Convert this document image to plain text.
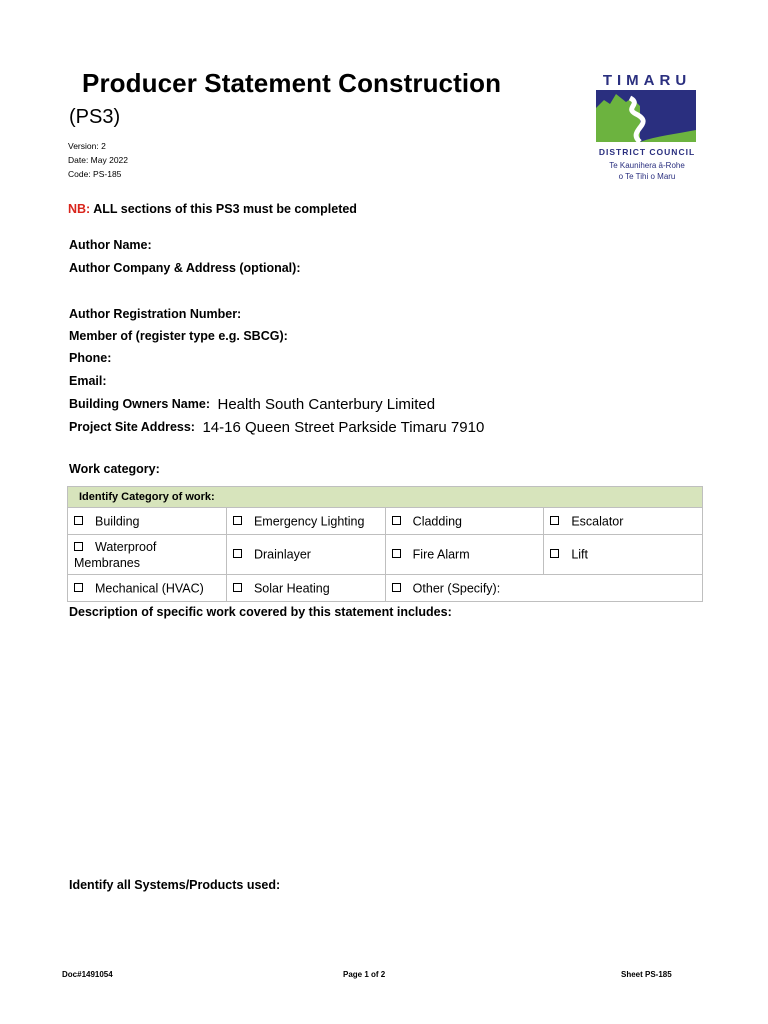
Producer Statement Construction
(PS3)
Version: 2
Date: May 2022
Code: PS-185
TIMARU
DISTRICT COUNCIL
Te Kaunihera ā-Rohe
o Te Tihi o Maru
NB: ALL sections of this PS3 must be completed
Author Name:
Author Company & Address (optional):
Author Registration Number:
Member of (register type e.g. SBCG):
Phone:
Email:
Building Owners Name: Health South Canterbury Limited
Project Site Address: 14-16 Queen Street Parkside Timaru 7910
Work category:
Identify Category of work:			
Building	Emergency Lighting	Cladding	Escalator
Waterproof Membranes	Drainlayer	Fire Alarm	Lift
Mechanical (HVAC)	Solar Heating	Other (Specify):	
Description of specific work covered by this statement includes:
Identify all Systems/Products used:
Doc#1491054	Page 1 of 2	Sheet PS-185
